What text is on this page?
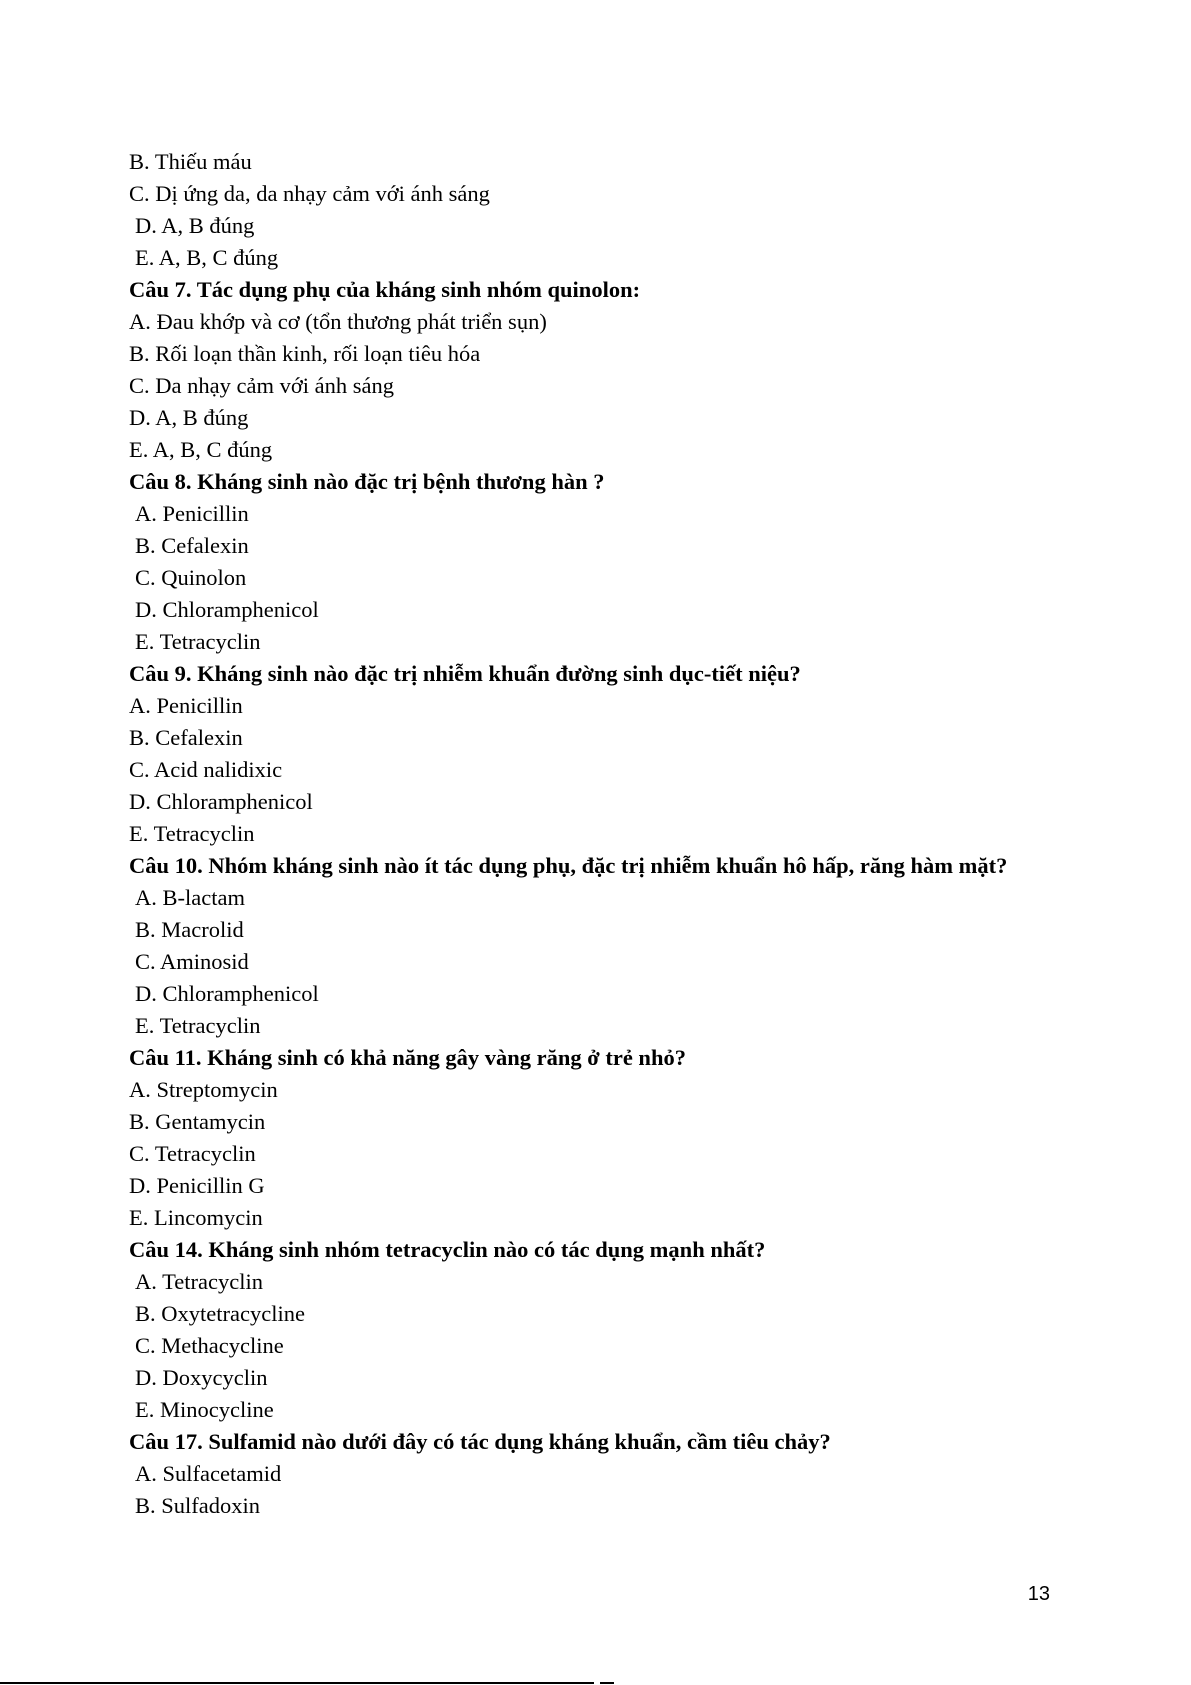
B. Thiếu máu
C. Dị ứng da, da nhạy cảm với ánh sáng
D. A, B đúng
E. A, B, C đúng
Câu 7. Tác dụng phụ của kháng sinh nhóm quinolon:
A. Đau khớp và cơ (tổn thương phát triển sụn)
B. Rối loạn thần kinh, rối loạn tiêu hóa
C. Da nhạy cảm với ánh sáng
D. A, B đúng
E. A, B, C đúng
Câu 8. Kháng sinh nào đặc trị bệnh thương hàn ?
A. Penicillin
B. Cefalexin
C. Quinolon
D. Chloramphenicol
E. Tetracyclin
Câu 9. Kháng sinh nào đặc trị nhiễm khuẩn đường sinh dục-tiết niệu?
A. Penicillin
B. Cefalexin
C. Acid nalidixic
D. Chloramphenicol
E. Tetracyclin
Câu 10. Nhóm kháng sinh nào ít tác dụng phụ, đặc trị nhiễm khuẩn hô hấp, răng hàm mặt?
A. B-lactam
B. Macrolid
C. Aminosid
D. Chloramphenicol
E. Tetracyclin
Câu 11. Kháng sinh có khả năng gây vàng răng ở trẻ nhỏ?
A. Streptomycin
B. Gentamycin
C. Tetracyclin
D. Penicillin G
E. Lincomycin
Câu 14. Kháng sinh nhóm tetracyclin nào có tác dụng mạnh nhất?
A. Tetracyclin
B. Oxytetracycline
C. Methacycline
D. Doxycyclin
E. Minocycline
Câu 17. Sulfamid nào dưới đây có tác dụng kháng khuẩn, cầm tiêu chảy?
A. Sulfacetamid
B. Sulfadoxin
13
